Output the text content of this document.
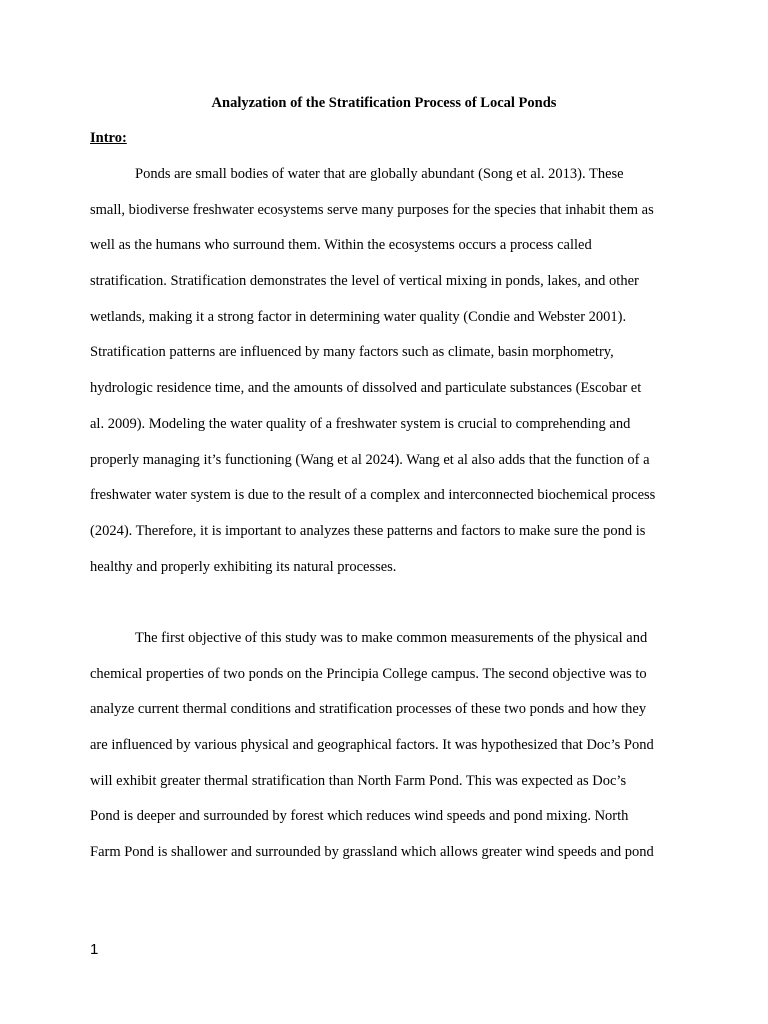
Analyzation of the Stratification Process of Local Ponds
Intro:
Ponds are small bodies of water that are globally abundant (Song et al. 2013). These
small, biodiverse freshwater ecosystems serve many purposes for the species that inhabit them as
well as the humans who surround them. Within the ecosystems occurs a process called
stratification. Stratification demonstrates the level of vertical mixing in ponds, lakes, and other
wetlands, making it a strong factor in determining water quality (Condie and Webster 2001).
Stratification patterns are influenced by many factors such as climate, basin morphometry,
hydrologic residence time, and the amounts of dissolved and particulate substances (Escobar et
al. 2009). Modeling the water quality of a freshwater system is crucial to comprehending and
properly managing it’s functioning (Wang et al 2024). Wang et al also adds that the function of a
freshwater water system is due to the result of a complex and interconnected biochemical process
(2024). Therefore, it is important to analyzes these patterns and factors to make sure the pond is
healthy and properly exhibiting its natural processes.
The first objective of this study was to make common measurements of the physical and
chemical properties of two ponds on the Principia College campus. The second objective was to
analyze current thermal conditions and stratification processes of these two ponds and how they
are influenced by various physical and geographical factors. It was hypothesized that Doc’s Pond
will exhibit greater thermal stratification than North Farm Pond. This was expected as Doc’s
Pond is deeper and surrounded by forest which reduces wind speeds and pond mixing. North
Farm Pond is shallower and surrounded by grassland which allows greater wind speeds and pond
1
